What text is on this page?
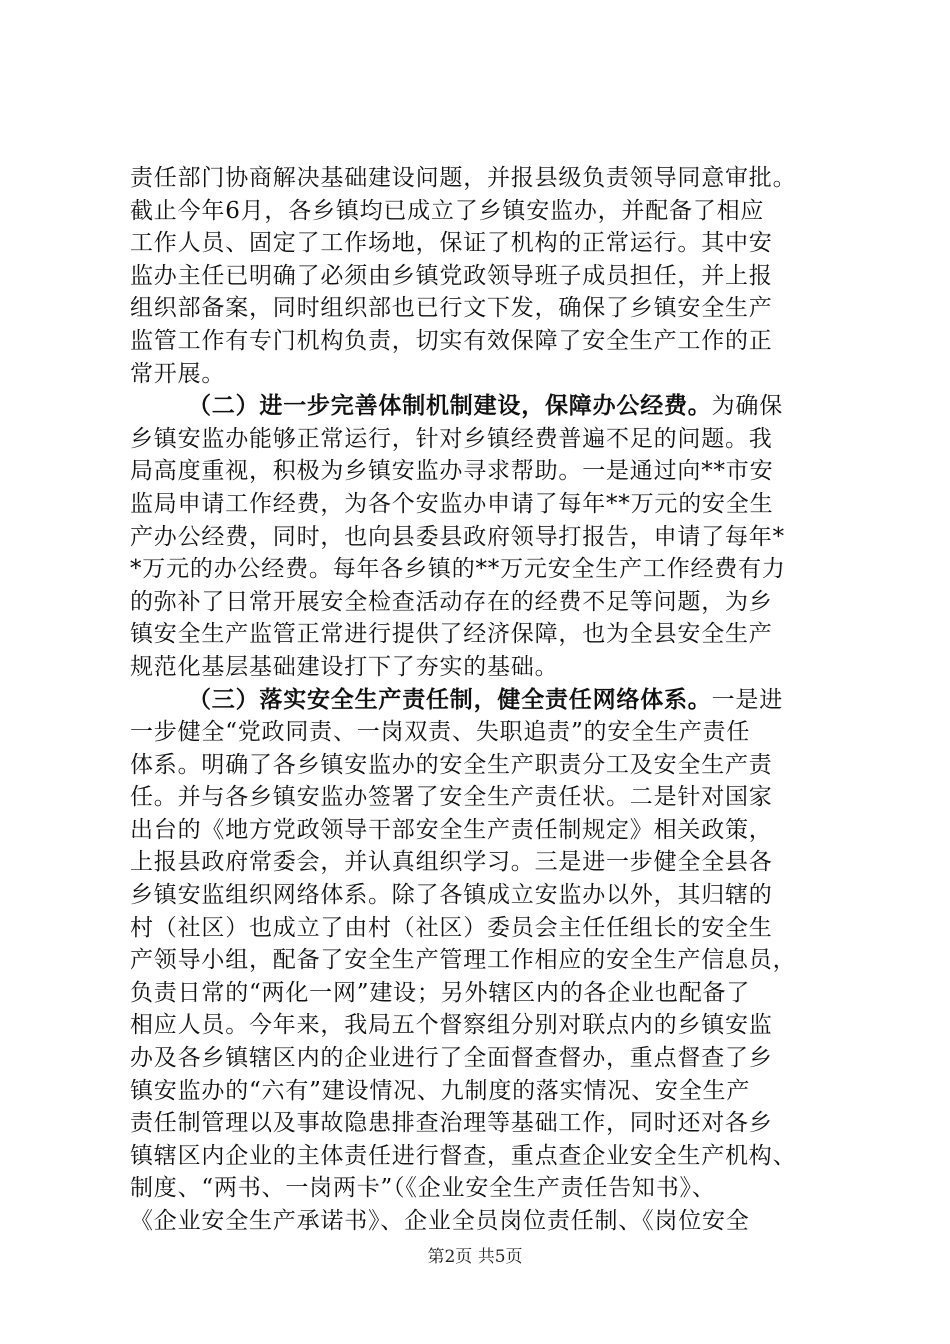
责任部门协商解决基础建设问题，并报县级负责领导同意审批。
截止今年6月，各乡镇均已成立了乡镇安监办，并配备了相应
工作人员、固定了工作场地，保证了机构的正常运行。其中安
监办主任已明确了必须由乡镇党政领导班子成员担任，并上报
组织部备案，同时组织部也已行文下发，确保了乡镇安全生产
监管工作有专门机构负责，切实有效保障了安全生产工作的正
常开展。
（二）进一步完善体制机制建设，保障办公经费。为确保
乡镇安监办能够正常运行，针对乡镇经费普遍不足的问题。我
局高度重视，积极为乡镇安监办寻求帮助。一是通过向**市安
监局申请工作经费，为各个安监办申请了每年**万元的安全生
产办公经费，同时，也向县委县政府领导打报告，申请了每年*
*万元的办公经费。每年各乡镇的**万元安全生产工作经费有力
的弥补了日常开展安全检查活动存在的经费不足等问题，为乡
镇安全生产监管正常进行提供了经济保障，也为全县安全生产
规范化基层基础建设打下了夯实的基础。
（三）落实安全生产责任制，健全责任网络体系。一是进
一步健全“党政同责、一岗双责、失职追责”的安全生产责任
体系。明确了各乡镇安监办的安全生产职责分工及安全生产责
任。并与各乡镇安监办签署了安全生产责任状。二是针对国家
出台的《地方党政领导干部安全生产责任制规定》相关政策，
上报县政府常委会，并认真组织学习。三是进一步健全全县各
乡镇安监组织网络体系。除了各镇成立安监办以外，其归辖的
村（社区）也成立了由村（社区）委员会主任任组长的安全生
产领导小组，配备了安全生产管理工作相应的安全生产信息员，
负责日常的“两化一网”建设；另外辖区内的各企业也配备了
相应人员。今年来，我局五个督察组分别对联点内的乡镇安监
办及各乡镇辖区内的企业进行了全面督查督办，重点督查了乡
镇安监办的“六有”建设情况、九制度的落实情况、安全生产
责任制管理以及事故隐患排查治理等基础工作，同时还对各乡
镇辖区内企业的主体责任进行督查，重点查企业安全生产机构、
制度、“两书、一岗两卡”（《企业安全生产责任告知书》、
《企业安全生产承诺书》、企业全员岗位责任制、《岗位安全
第2页 共5页
